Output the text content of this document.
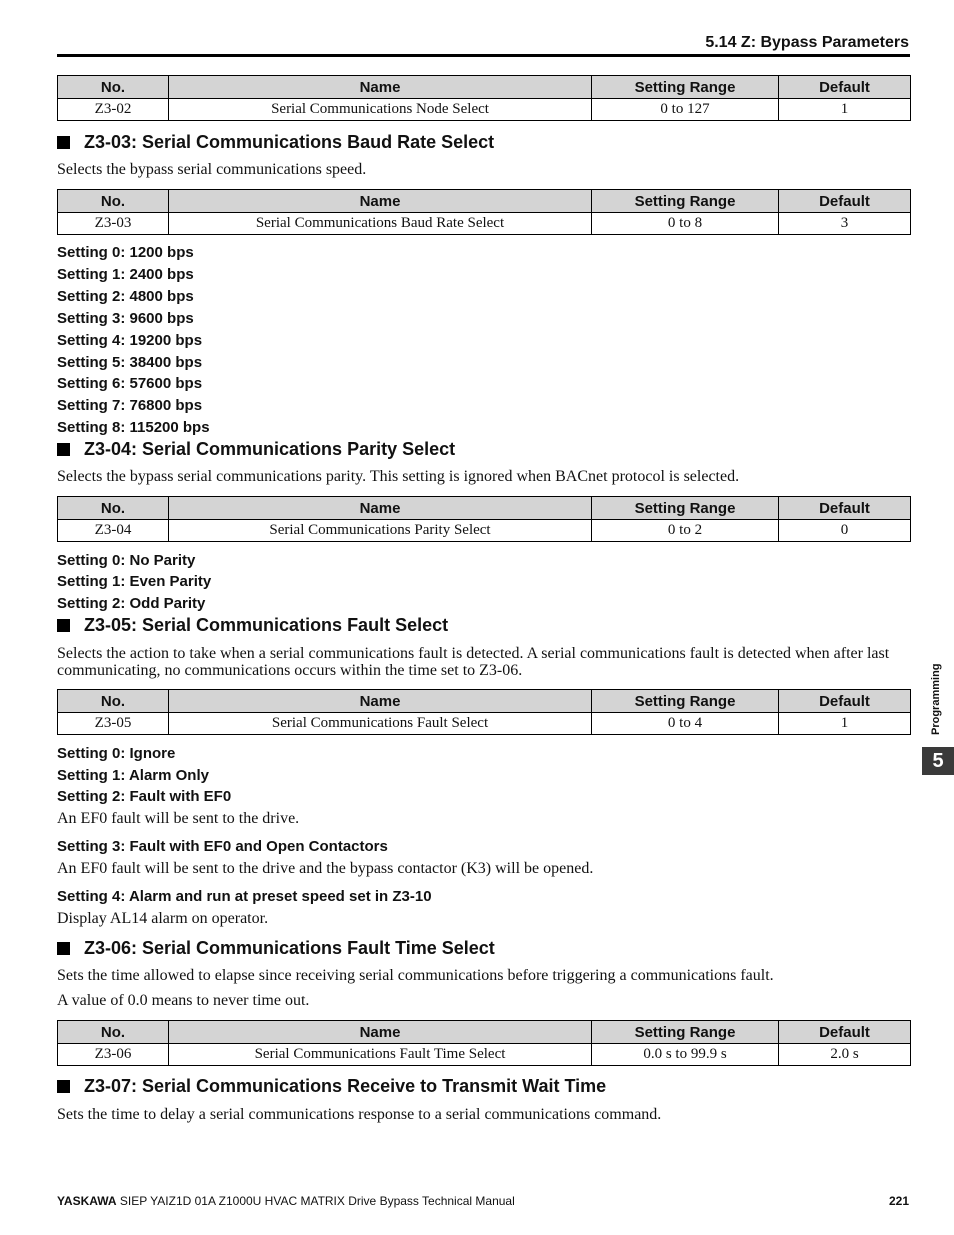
5.14 Z: Bypass Parameters
No.	Name	Setting Range	Default
Z3-02	Serial Communications Node Select	0 to 127	1
Z3-03: Serial Communications Baud Rate Select
Selects the bypass serial communications speed.
No.	Name	Setting Range	Default
Z3-03	Serial Communications Baud Rate Select	0 to 8	3
Setting 0: 1200 bps
Setting 1: 2400 bps
Setting 2: 4800 bps
Setting 3: 9600 bps
Setting 4: 19200 bps
Setting 5: 38400 bps
Setting 6: 57600 bps
Setting 7: 76800 bps
Setting 8: 115200 bps
Z3-04: Serial Communications Parity Select
Selects the bypass serial communications parity. This setting is ignored when BACnet protocol is selected.
No.	Name	Setting Range	Default
Z3-04	Serial Communications Parity Select	0 to 2	0
Setting 0: No Parity
Setting 1: Even Parity
Setting 2: Odd Parity
Z3-05: Serial Communications Fault Select
Selects the action to take when a serial communications fault is detected. A serial communications fault is detected when after last communicating, no communications occurs within the time set to Z3-06.
No.	Name	Setting Range	Default
Z3-05	Serial Communications Fault Select	0 to 4	1
Setting 0: Ignore
Setting 1: Alarm Only
Setting 2: Fault with EF0
An EF0 fault will be sent to the drive.
Setting 3: Fault with EF0 and Open Contactors
An EF0 fault will be sent to the drive and the bypass contactor (K3) will be opened.
Setting 4: Alarm and run at preset speed set in Z3-10
Display AL14 alarm on operator.
Z3-06: Serial Communications Fault Time Select
Sets the time allowed to elapse since receiving serial communications before triggering a communications fault.
A value of 0.0 means to never time out.
No.	Name	Setting Range	Default
Z3-06	Serial Communications Fault Time Select	0.0 s to 99.9 s	2.0 s
Z3-07: Serial Communications Receive to Transmit Wait Time
Sets the time to delay a serial communications response to a serial communications command.
Programming
5
YASKAWA SIEP YAIZ1D 01A Z1000U HVAC MATRIX Drive Bypass Technical Manual	221
